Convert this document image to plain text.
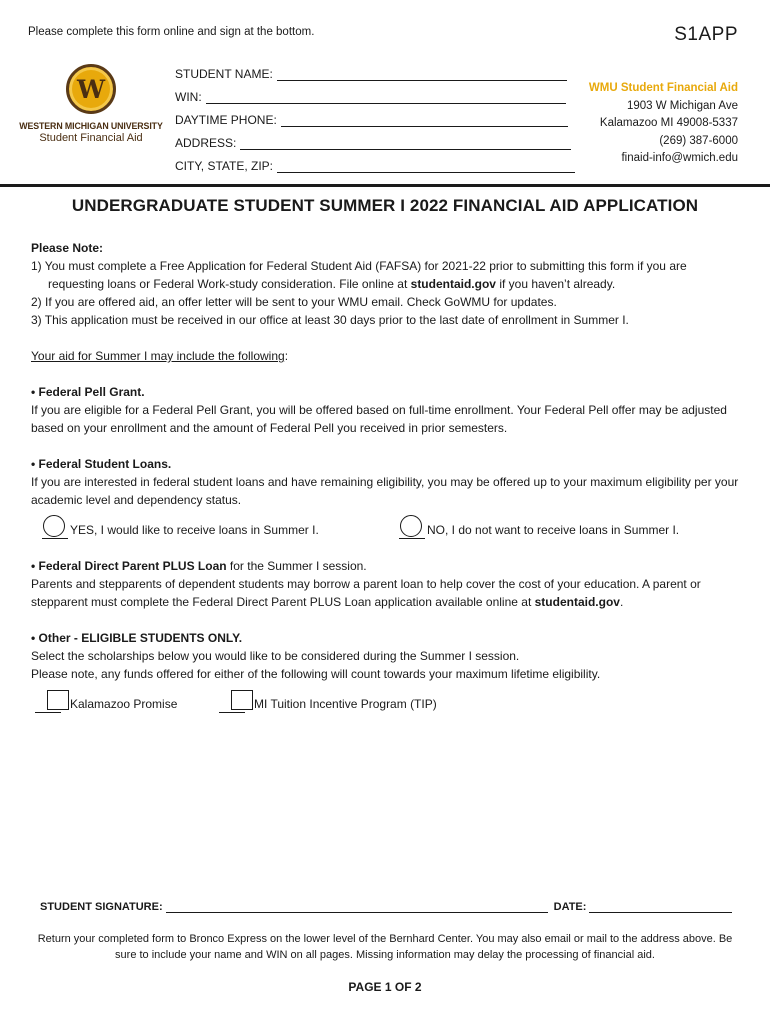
Please complete this form online and sign at the bottom.	S1APP
W
WESTERN MICHIGAN UNIVERSITY
Student Financial Aid
STUDENT NAME:
WIN:
DAYTIME PHONE:
ADDRESS:
CITY, STATE, ZIP:
WMU Student Financial Aid
1903 W Michigan Ave
Kalamazoo MI 49008-5337
(269) 387-6000
finaid-info@wmich.edu
UNDERGRADUATE STUDENT SUMMER I 2022 FINANCIAL AID APPLICATION

Please Note:

1) You must complete a Free Application for Federal Student Aid (FAFSA) for 2021-22 prior to submitting this form if you are requesting loans or Federal Work-study consideration. File online at studentaid.gov if you haven’t already.

2) If you are offered aid, an offer letter will be sent to your WMU email. Check GoWMU for updates.

3) This application must be received in our office at least 30 days prior to the last date of enrollment in Summer I.

Your aid for Summer I may include the following:

• Federal Pell Grant.

If you are eligible for a Federal Pell Grant, you will be offered based on full-time enrollment. Your Federal Pell offer may be adjusted based on your enrollment and the amount of Federal Pell you received in prior semesters.

• Federal Student Loans.

If you are interested in federal student loans and have remaining eligibility, you may be offered up to your maximum eligibility per your academic level and dependency status.

YES, I would like to receive loans in Summer I.	NO, I do not want to receive loans in Summer I.

• Federal Direct Parent PLUS Loan for the Summer I session.

Parents and stepparents of dependent students may borrow a parent loan to help cover the cost of your education. A parent or stepparent must complete the Federal Direct Parent PLUS Loan application available online at studentaid.gov.

• Other - ELIGIBLE STUDENTS ONLY.

Select the scholarships below you would like to be considered during the Summer I session.

Please note, any funds offered for either of the following will count towards your maximum lifetime eligibility.

Kalamazoo Promise	MI Tuition Incentive Program (TIP)
STUDENT SIGNATURE:	DATE:
Return your completed form to Bronco Express on the lower level of the Bernhard Center. You may also email or mail to the address above. Be sure to include your name and WIN on all pages. Missing information may delay the processing of financial aid.
PAGE 1 OF 2
